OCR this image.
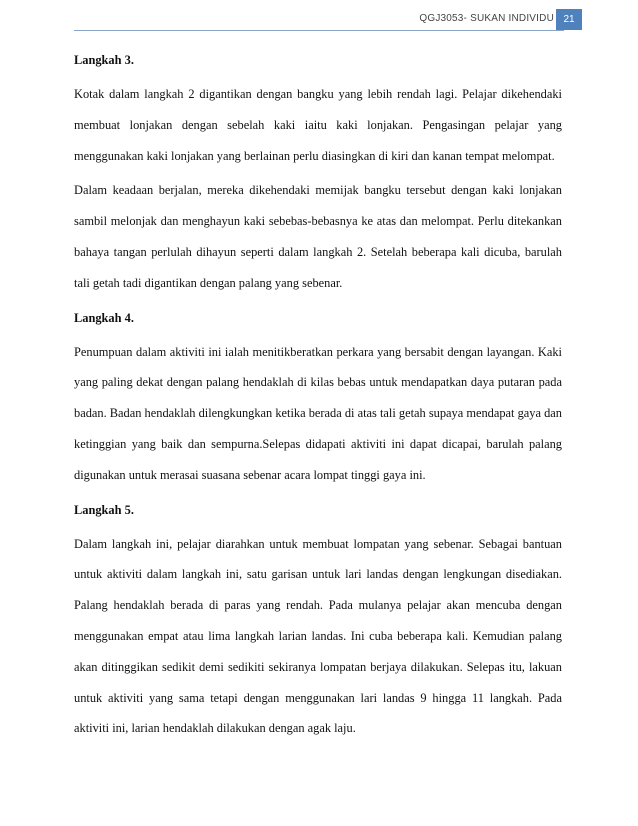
QGJ3053- SUKAN INDIVIDU 21

Langkah 3.

Kotak dalam langkah 2 digantikan dengan bangku yang lebih rendah lagi. Pelajar dikehendaki membuat lonjakan dengan sebelah kaki iaitu kaki lonjakan. Pengasingan pelajar yang menggunakan kaki lonjakan yang berlainan perlu diasingkan di kiri dan kanan tempat melompat.

Dalam keadaan berjalan, mereka dikehendaki memijak bangku tersebut dengan kaki lonjakan sambil melonjak dan menghayun kaki sebebas-bebasnya ke atas dan melompat. Perlu ditekankan bahaya tangan perlulah dihayun seperti dalam langkah 2. Setelah beberapa kali dicuba, barulah tali getah tadi digantikan dengan palang yang sebenar.

Langkah 4.

Penumpuan dalam aktiviti ini ialah menitikberatkan perkara yang bersabit dengan layangan. Kaki yang paling dekat dengan palang hendaklah di kilas bebas untuk mendapatkan daya putaran pada badan. Badan hendaklah dilengkungkan ketika berada di atas tali getah supaya mendapat gaya dan ketinggian yang baik dan sempurna.Selepas didapati aktiviti ini dapat dicapai, barulah palang digunakan untuk merasai suasana sebenar acara lompat tinggi gaya ini.

Langkah 5.

Dalam langkah ini, pelajar diarahkan untuk membuat lompatan yang sebenar. Sebagai bantuan untuk aktiviti dalam langkah ini, satu garisan untuk lari landas dengan lengkungan disediakan. Palang hendaklah berada di paras yang rendah. Pada mulanya pelajar akan mencuba dengan menggunakan empat atau lima langkah larian landas. Ini cuba beberapa kali. Kemudian palang akan ditinggikan sedikit demi sedikiti sekiranya lompatan berjaya dilakukan. Selepas itu, lakuan untuk aktiviti yang sama tetapi dengan menggunakan lari landas 9 hingga 11 langkah. Pada aktiviti ini, larian hendaklah dilakukan dengan agak laju.
